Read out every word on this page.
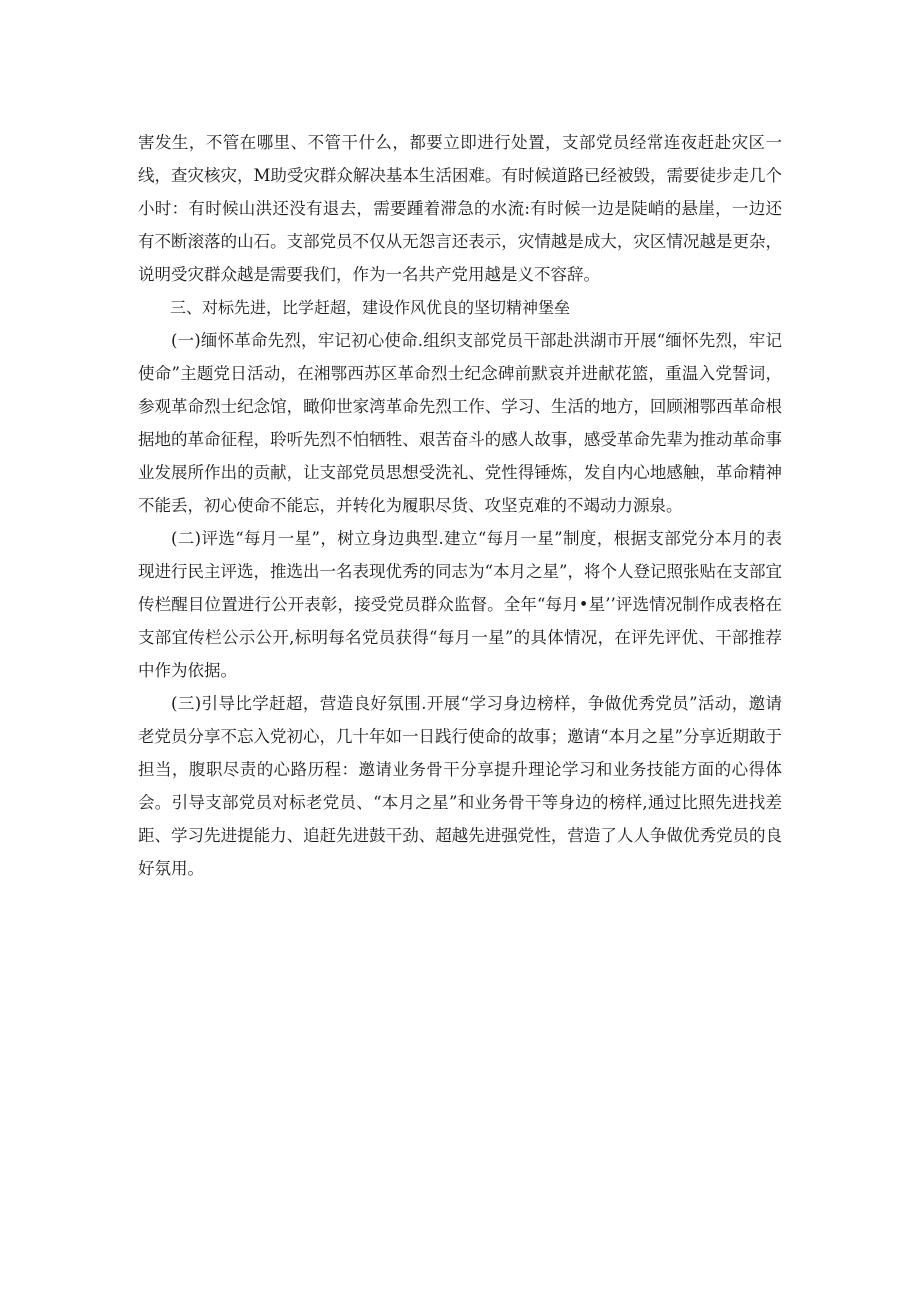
害发生，不管在哪里、不管干什么，都要立即进行处置，支部党员经常连夜赶赴灾区一线，查灾核灾，M助受灾群众解决基本生活困难。有时候道路已经被毁，需要徒步走几个小时：有时候山洪还没有退去，需要踵着滞急的水流:有时候一边是陡峭的悬崖，一边还有不断滚落的山石。支部党员不仅从无怨言还表示，灾情越是成大，灾区情况越是更杂，说明受灾群众越是需要我们，作为一名共产党用越是义不容辞。

三、对标先进，比学赶超，建设作风优良的坚切精神堡垒

(一)缅怀革命先烈，牢记初心使命.组织支部党员干部赴洪湖市开展“缅怀先烈，牢记使命”主题党日活动，在湘鄂西苏区革命烈士纪念碑前默哀并进献花篮，重温入党誓词，参观革命烈士纪念馆，瞰仰世家湾革命先烈工作、学习、生活的地方，回顾湘鄂西革命根据地的革命征程，聆听先烈不怕牺牲、艰苦奋斗的感人故事，感受革命先辈为推动革命事业发展所作出的贡献，让支部党员思想受洗礼、党性得锤炼，发自内心地感触，革命精神不能丢，初心使命不能忘，并转化为履职尽货、攻坚克难的不竭动力源泉。

(二)评选“每月一星”，树立身边典型.建立“每月一星”制度，根据支部党分本月的表现进行民主评选，推选出一名表现优秀的同志为“本月之星”，将个人登记照张贴在支部宜传栏醒目位置进行公开表彰，接受党员群众监督。全年“每月•星’’评选情况制作成表格在支部宜传栏公示公开,标明每名党员获得“每月一星”的具体情况，在评先评优、干部推荐中作为依据。

(三)引导比学赶超，营造良好氛围.开展“学习身边榜样，争做优秀党员”活动，邀请老党员分享不忘入党初心，几十年如一日践行使命的故事；邀请“本月之星”分享近期敢于担当，腹职尽责的心路历程：邀请业务骨干分享提升理论学习和业务技能方面的心得体会。引导支部党员对标老党员、“本月之星”和业务骨干等身边的榜样,通过比照先进找差距、学习先进提能力、追赶先进鼓干劲、超越先进强党性，营造了人人争做优秀党员的良好氛用。
